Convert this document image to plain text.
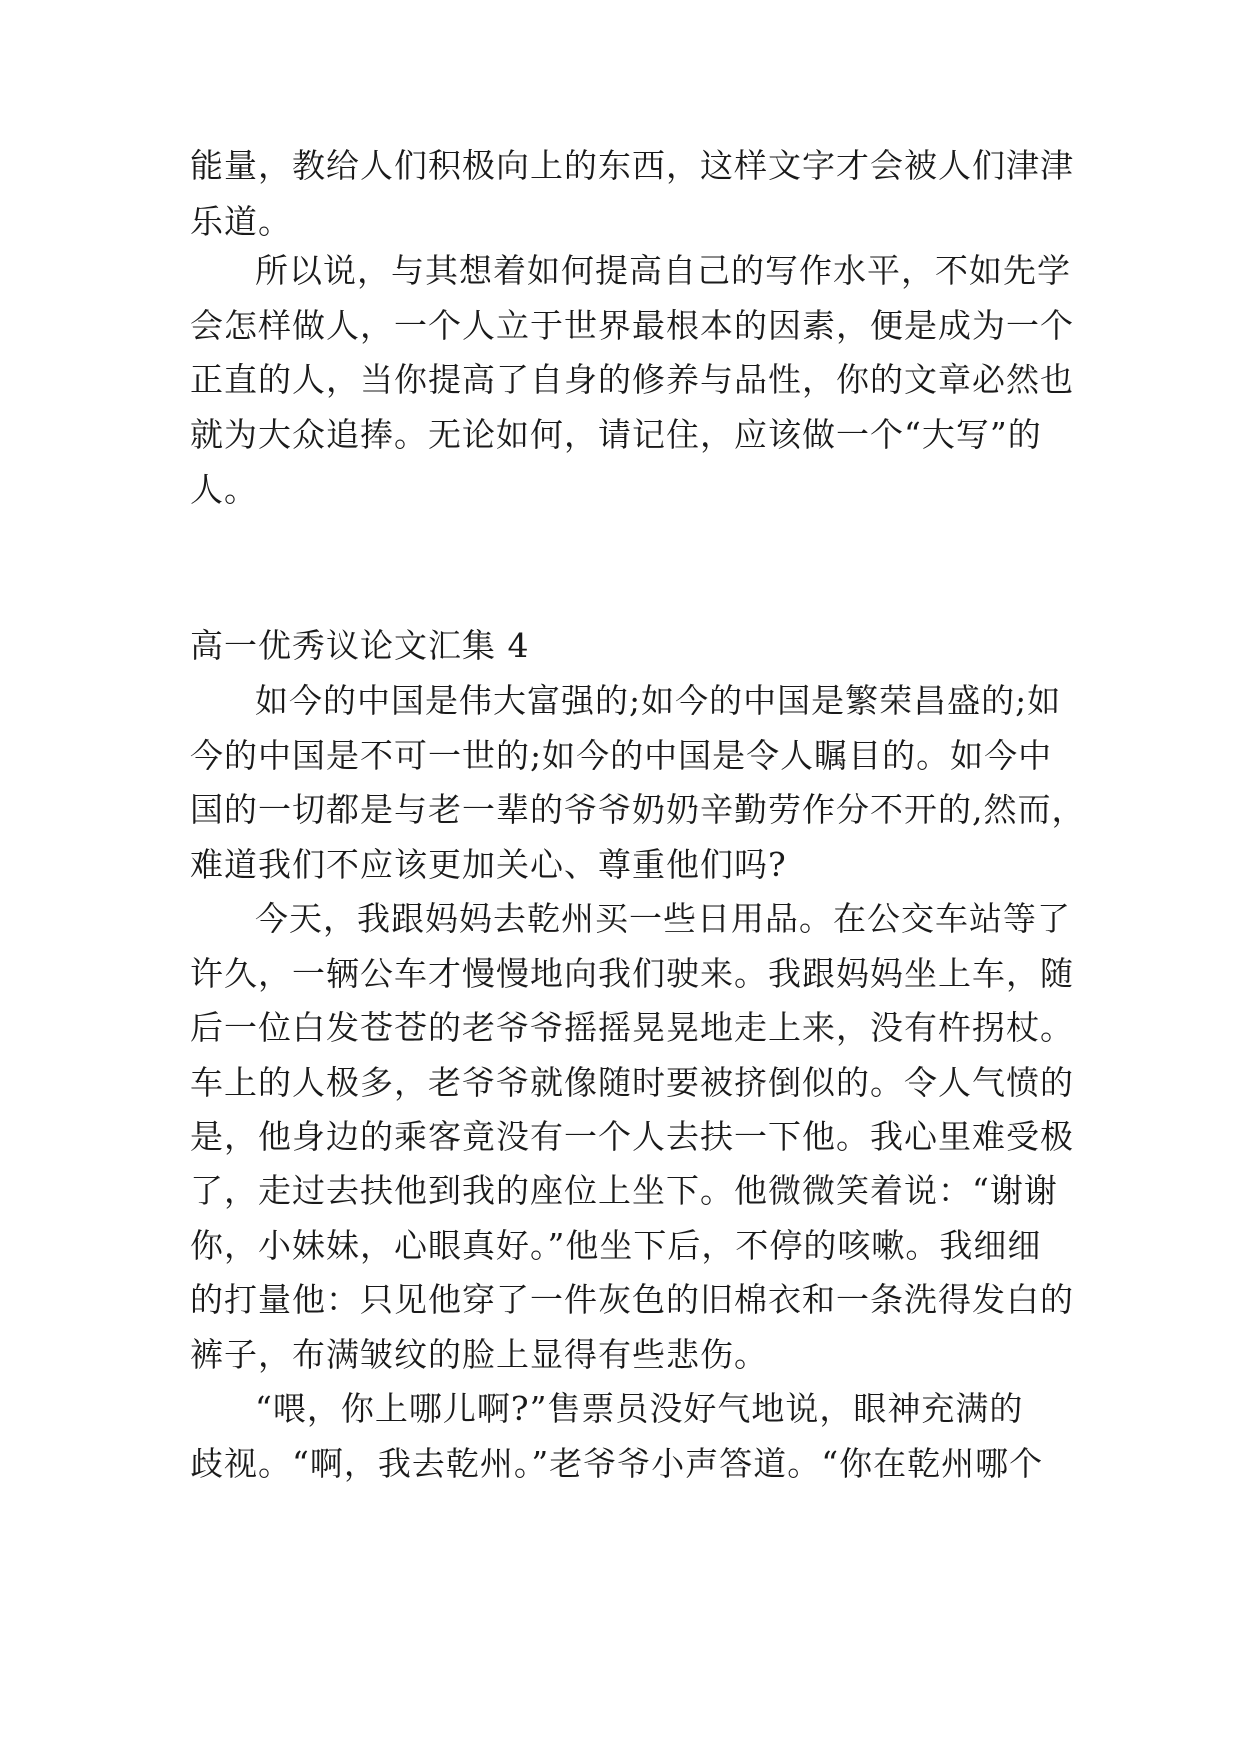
能量，教给人们积极向上的东西，这样文字才会被人们津津
乐道。
所以说，与其想着如何提高自己的写作水平，不如先学
会怎样做人，一个人立于世界最根本的因素，便是成为一个
正直的人，当你提高了自身的修养与品性，你的文章必然也
就为大众追捧。无论如何，请记住，应该做一个“大写”的
人。
高一优秀议论文汇集 4
如今的中国是伟大富强的;如今的中国是繁荣昌盛的;如
今的中国是不可一世的;如今的中国是令人瞩目的。如今中
国的一切都是与老一辈的爷爷奶奶辛勤劳作分不开的,然而，
难道我们不应该更加关心、尊重他们吗?
今天，我跟妈妈去乾州买一些日用品。在公交车站等了
许久，一辆公车才慢慢地向我们驶来。我跟妈妈坐上车，随
后一位白发苍苍的老爷爷摇摇晃晃地走上来，没有杵拐杖。
车上的人极多，老爷爷就像随时要被挤倒似的。令人气愤的
是，他身边的乘客竟没有一个人去扶一下他。我心里难受极
了，走过去扶他到我的座位上坐下。他微微笑着说：“谢谢
你，小妹妹，心眼真好。”他坐下后，不停的咳嗽。我细细
的打量他：只见他穿了一件灰色的旧棉衣和一条洗得发白的
裤子，布满皱纹的脸上显得有些悲伤。
“喂，你上哪儿啊?”售票员没好气地说，眼神充满的
歧视。“啊，我去乾州。”老爷爷小声答道。“你在乾州哪个
